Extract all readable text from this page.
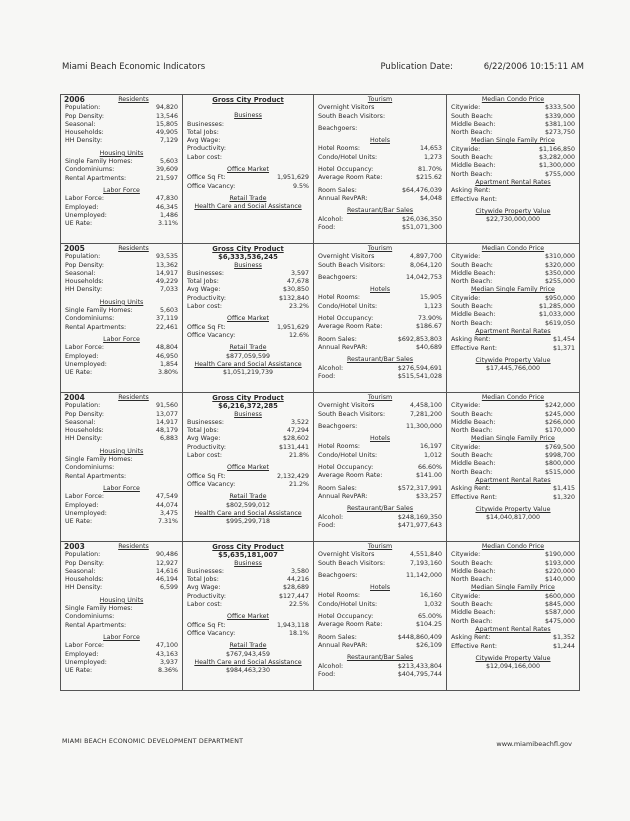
Miami Beach Economic Indicators	Publication Date:	6/22/2006 10:15:11 AM
2006	Residents
Population:	94,820
Pop Density:	13,546
Seasonal:	15,805
Households:	49,905
HH Density:	7,129
Housing Units
Single Family Homes:	5,603
Condominiums:	39,609
Rental Apartments:	21,597
Labor Force
Labor Force:	47,830
Employed:	46,345
Unemployed:	1,486
UE Rate:	3.11%
Gross City Product
Business
Businesses:
Total Jobs:
Avg Wage:
Productivity:
Labor cost:
Office Market
Office Sq Ft:	1,951,629
Office Vacancy:	9.5%
Retail Trade
Health Care and Social Assistance
Tourism
Overnight Visitors
South Beach Visitors:
Beachgoers:
Hotels
Hotel Rooms:	14,653
Condo/Hotel Units:	1,273
Hotel Occupancy:	81.70%
Average Room Rate:	$215.62
Room Sales:	$64,476,039
Annual RevPAR:	$4,048
Restaurant/Bar Sales
Alcohol:	$26,036,350
Food:	$51,071,300
Median Condo Price
Citywide:	$333,500
South Beach:	$339,000
Middle Beach:	$381,100
North Beach:	$273,750
Median Single Family Price
Citywide:	$1,166,850
South Beach:	$3,282,000
Middle Beach:	$1,300,000
North Beach:	$755,000
Apartment Rental Rates
Asking Rent:
Effective Rent:
Citywide Property Value
$22,730,000,000
2005	Residents
Population:	93,535
Pop Density:	13,362
Seasonal:	14,917
Households:	49,229
HH Density:	7,033
Housing Units
Single Family Homes:	5,603
Condominiums:	37,119
Rental Apartments:	22,461
Labor Force
Labor Force:	48,804
Employed:	46,950
Unemployed:	1,854
UE Rate:	3.80%
Gross City Product
$6,333,536,245
Business
Businesses:	3,597
Total Jobs:	47,678
Avg Wage:	$30,850
Productivity:	$132,840
Labor cost:	23.2%
Office Market
Office Sq Ft:	1,951,629
Office Vacancy:	12.6%
Retail Trade
$877,059,599
Health Care and Social Assistance
$1,051,219,739
Tourism
Overnight Visitors	4,897,700
South Beach Visitors:	8,064,120
Beachgoers:	14,042,753
Hotels
Hotel Rooms:	15,905
Condo/Hotel Units:	1,123
Hotel Occupancy:	73.90%
Average Room Rate:	$186.67
Room Sales:	$692,853,803
Annual RevPAR:	$40,689
Restaurant/Bar Sales
Alcohol:	$276,594,691
Food:	$515,541,028
Median Condo Price
Citywide:	$310,000
South Beach:	$320,000
Middle Beach:	$350,000
North Beach:	$255,000
Median Single Family Price
Citywide:	$950,000
South Beach:	$1,285,000
Middle Beach:	$1,033,000
North Beach:	$619,050
Apartment Rental Rates
Asking Rent:	$1,454
Effective Rent:	$1,371
Citywide Property Value
$17,445,766,000
2004	Residents
Population:	91,560
Pop Density:	13,077
Seasonal:	14,917
Households:	48,179
HH Density:	6,883
Housing Units
Single Family Homes:
Condominiums:
Rental Apartments:
Labor Force
Labor Force:	47,549
Employed:	44,074
Unemployed:	3,475
UE Rate:	7.31%
Gross City Product
$6,216,372,285
Business
Businesses:	3,522
Total Jobs:	47,294
Avg Wage:	$28,602
Productivity:	$131,441
Labor cost:	21.8%
Office Market
Office Sq Ft:	2,132,429
Office Vacancy:	21.2%
Retail Trade
$802,599,012
Health Care and Social Assistance
$995,299,718
Tourism
Overnight Visitors	4,458,100
South Beach Visitors:	7,281,200
Beachgoers:	11,300,000
Hotels
Hotel Rooms:	16,197
Condo/Hotel Units:	1,012
Hotel Occupancy:	66.60%
Average Room Rate:	$141.00
Room Sales:	$572,317,991
Annual RevPAR:	$33,257
Restaurant/Bar Sales
Alcohol:	$248,169,350
Food:	$471,977,643
Median Condo Price
Citywide:	$242,000
South Beach:	$245,000
Middle Beach:	$266,000
North Beach:	$170,000
Median Single Family Price
Citywide:	$769,500
South Beach:	$998,700
Middle Beach:	$800,000
North Beach:	$515,000
Apartment Rental Rates
Asking Rent:	$1,415
Effective Rent:	$1,320
Citywide Property Value
$14,040,817,000
2003	Residents
Population:	90,486
Pop Density:	12,927
Seasonal:	14,616
Households:	46,194
HH Density:	6,599
Housing Units
Single Family Homes:
Condominiums:
Rental Apartments:
Labor Force
Labor Force:	47,100
Employed:	43,163
Unemployed:	3,937
UE Rate:	8.36%
Gross City Product
$5,635,181,007
Business
Businesses:	3,580
Total Jobs:	44,216
Avg Wage:	$28,689
Productivity:	$127,447
Labor cost:	22.5%
Office Market
Office Sq Ft:	1,943,118
Office Vacancy:	18.1%
Retail Trade
$767,943,459
Health Care and Social Assistance
$984,463,230
Tourism
Overnight Visitors	4,551,840
South Beach Visitors:	7,193,160
Beachgoers:	11,142,000
Hotels
Hotel Rooms:	16,160
Condo/Hotel Units:	1,032
Hotel Occupancy:	65.00%
Average Room Rate:	$104.25
Room Sales:	$448,860,409
Annual RevPAR:	$26,109
Restaurant/Bar Sales
Alcohol:	$213,433,804
Food:	$404,795,744
Median Condo Price
Citywide:	$190,000
South Beach:	$193,000
Middle Beach:	$220,000
North Beach:	$140,000
Median Single Family Price
Citywide:	$600,000
South Beach:	$845,000
Middle Beach:	$587,000
North Beach:	$475,000
Apartment Rental Rates
Asking Rent:	$1,352
Effective Rent:	$1,244
Citywide Property Value
$12,094,166,000
MIAMI BEACH ECONOMIC DEVELOPMENT DEPARTMENT	www.miamibeachfl.gov
